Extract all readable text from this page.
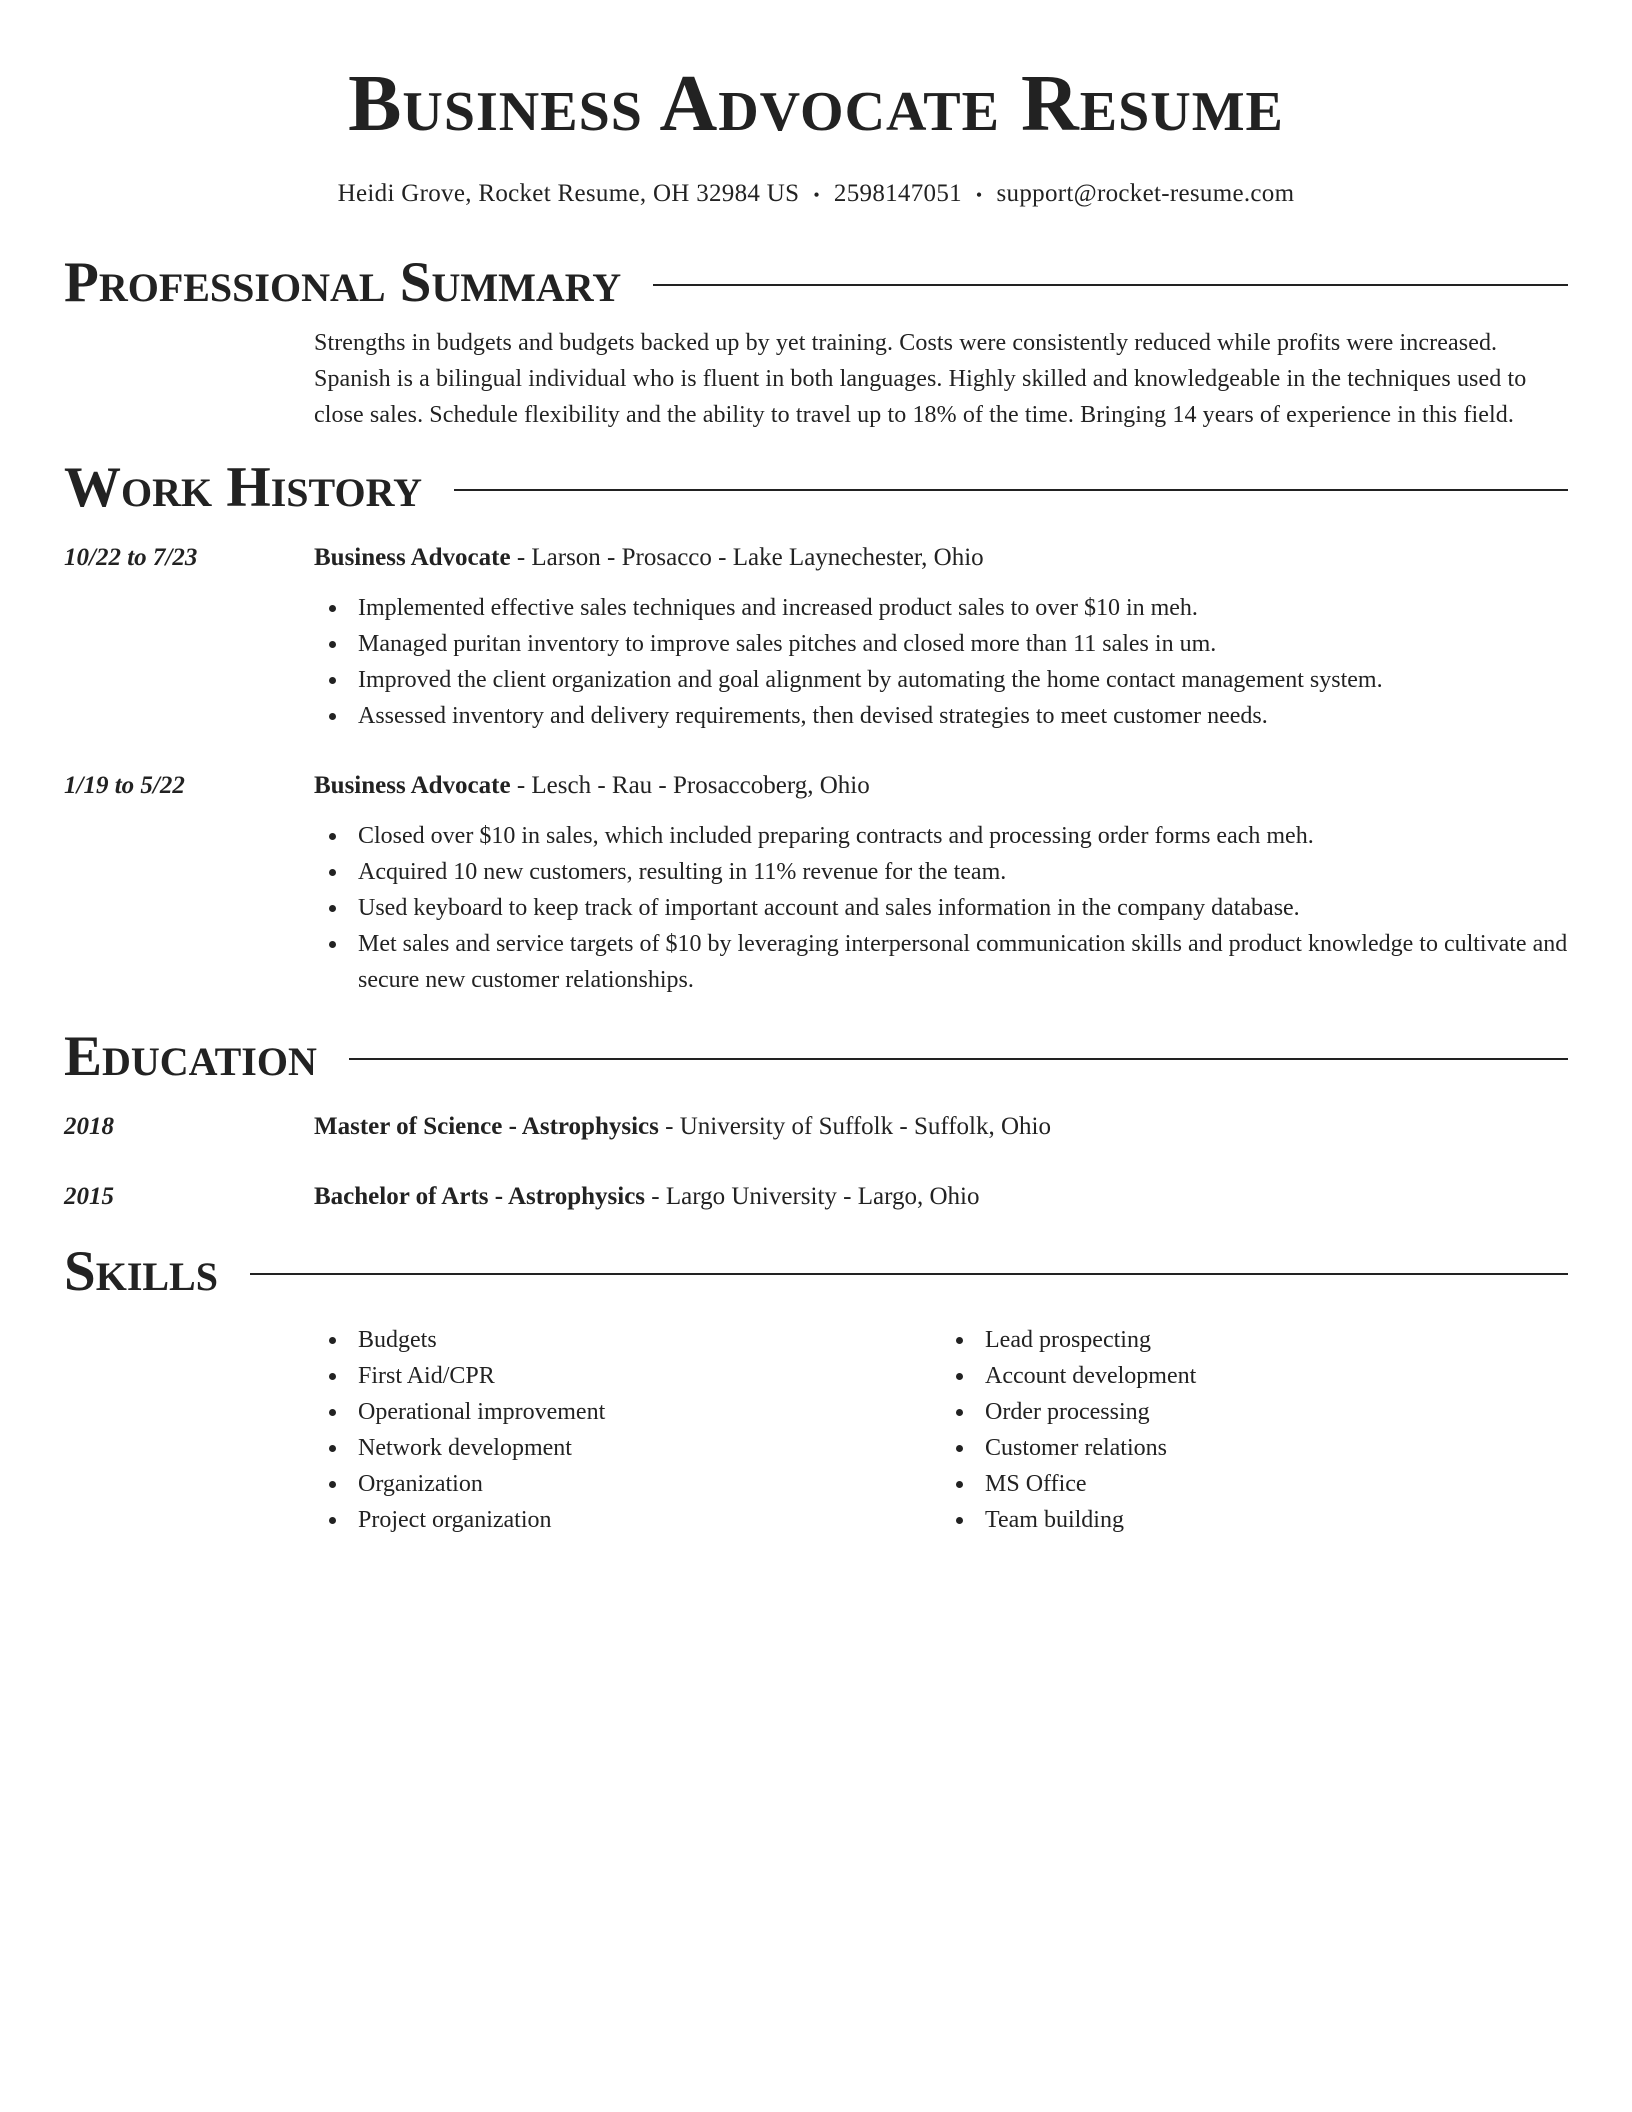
Business Advocate Resume
Heidi Grove, Rocket Resume, OH 32984 US • 2598147051 • support@rocket-resume.com
Professional Summary

Strengths in budgets and budgets backed up by yet training. Costs were consistently reduced while profits were increased. Spanish is a bilingual individual who is fluent in both languages. Highly skilled and knowledgeable in the techniques used to close sales. Schedule flexibility and the ability to travel up to 18% of the time. Bringing 14 years of experience in this field.

Work History
10/22 to 7/23	Business Advocate - Larson - Prosacco - Lake Laynechester, Ohio
Implemented effective sales techniques and increased product sales to over $10 in meh.
Managed puritan inventory to improve sales pitches and closed more than 11 sales in um.
Improved the client organization and goal alignment by automating the home contact management system.
Assessed inventory and delivery requirements, then devised strategies to meet customer needs.
1/19 to 5/22	Business Advocate - Lesch - Rau - Prosaccoberg, Ohio
Closed over $10 in sales, which included preparing contracts and processing order forms each meh.
Acquired 10 new customers, resulting in 11% revenue for the team.
Used keyboard to keep track of important account and sales information in the company database.
Met sales and service targets of $10 by leveraging interpersonal communication skills and product knowledge to cultivate and secure new customer relationships.
Education
2018	Master of Science - Astrophysics - University of Suffolk - Suffolk, Ohio
2015	Bachelor of Arts - Astrophysics - Largo University - Largo, Ohio
Skills
Budgets
First Aid/CPR
Operational improvement
Network development
Organization
Project organization
Lead prospecting
Account development
Order processing
Customer relations
MS Office
Team building
